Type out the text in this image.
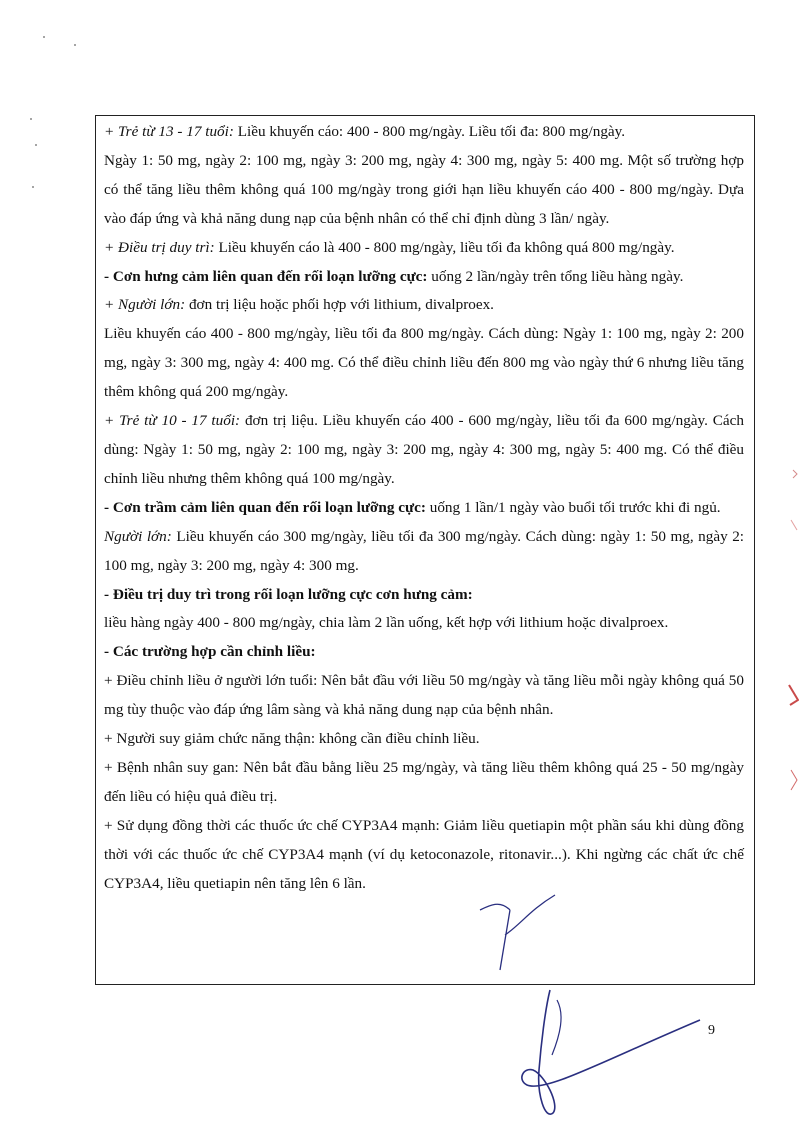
+ Trẻ từ 13 - 17 tuổi: Liều khuyến cáo: 400 - 800 mg/ngày. Liều tối đa: 800 mg/ngày.

Ngày 1: 50 mg, ngày 2: 100 mg, ngày 3: 200 mg, ngày 4: 300 mg, ngày 5: 400 mg. Một số trường hợp có thể tăng liều thêm không quá 100 mg/ngày trong giới hạn liều khuyến cáo 400 - 800 mg/ngày. Dựa vào đáp ứng và khả năng dung nạp của bệnh nhân có thể chỉ định dùng 3 lần/ ngày.

+ Điều trị duy trì: Liều khuyến cáo là 400 - 800 mg/ngày, liều tối đa không quá 800 mg/ngày.

- Cơn hưng cảm liên quan đến rối loạn lưỡng cực: uống 2 lần/ngày trên tổng liều hàng ngày.

+ Người lớn: đơn trị liệu hoặc phối hợp với lithium, divalproex.

Liều khuyến cáo 400 - 800 mg/ngày, liều tối đa 800 mg/ngày. Cách dùng: Ngày 1: 100 mg, ngày 2: 200 mg, ngày 3: 300 mg, ngày 4: 400 mg. Có thể điều chỉnh liều đến 800 mg vào ngày thứ 6 nhưng liều tăng thêm không quá 200 mg/ngày.

+ Trẻ từ 10 - 17 tuổi: đơn trị liệu. Liều khuyến cáo 400 - 600 mg/ngày, liều tối đa 600 mg/ngày. Cách dùng: Ngày 1: 50 mg, ngày 2: 100 mg, ngày 3: 200 mg, ngày 4: 300 mg, ngày 5: 400 mg. Có thể điều chỉnh liều nhưng thêm không quá 100 mg/ngày.

- Cơn trầm cảm liên quan đến rối loạn lưỡng cực: uống 1 lần/1 ngày vào buổi tối trước khi đi ngủ.

Người lớn: Liều khuyến cáo 300 mg/ngày, liều tối đa 300 mg/ngày. Cách dùng: ngày 1: 50 mg, ngày 2: 100 mg, ngày 3: 200 mg, ngày 4: 300 mg.

- Điều trị duy trì trong rối loạn lưỡng cực cơn hưng cảm:

liều hàng ngày 400 - 800 mg/ngày, chia làm 2 lần uống, kết hợp với lithium hoặc divalproex.

- Các trường hợp cần chỉnh liều:

+ Điều chỉnh liều ở người lớn tuổi: Nên bắt đầu với liều 50 mg/ngày và tăng liều mỗi ngày không quá 50 mg tùy thuộc vào đáp ứng lâm sàng và khả năng dung nạp của bệnh nhân.

+ Người suy giảm chức năng thận: không cần điều chỉnh liều.

+ Bệnh nhân suy gan: Nên bắt đầu bằng liều 25 mg/ngày, và tăng liều thêm không quá 25 - 50 mg/ngày đến liều có hiệu quả điều trị.

+ Sử dụng đồng thời các thuốc ức chế CYP3A4 mạnh: Giảm liều quetiapin một phần sáu khi dùng đồng thời với các thuốc ức chế CYP3A4 mạnh (ví dụ ketoconazole, ritonavir...). Khi ngừng các chất ức chế CYP3A4, liều quetiapin nên tăng lên 6 lần.

9
